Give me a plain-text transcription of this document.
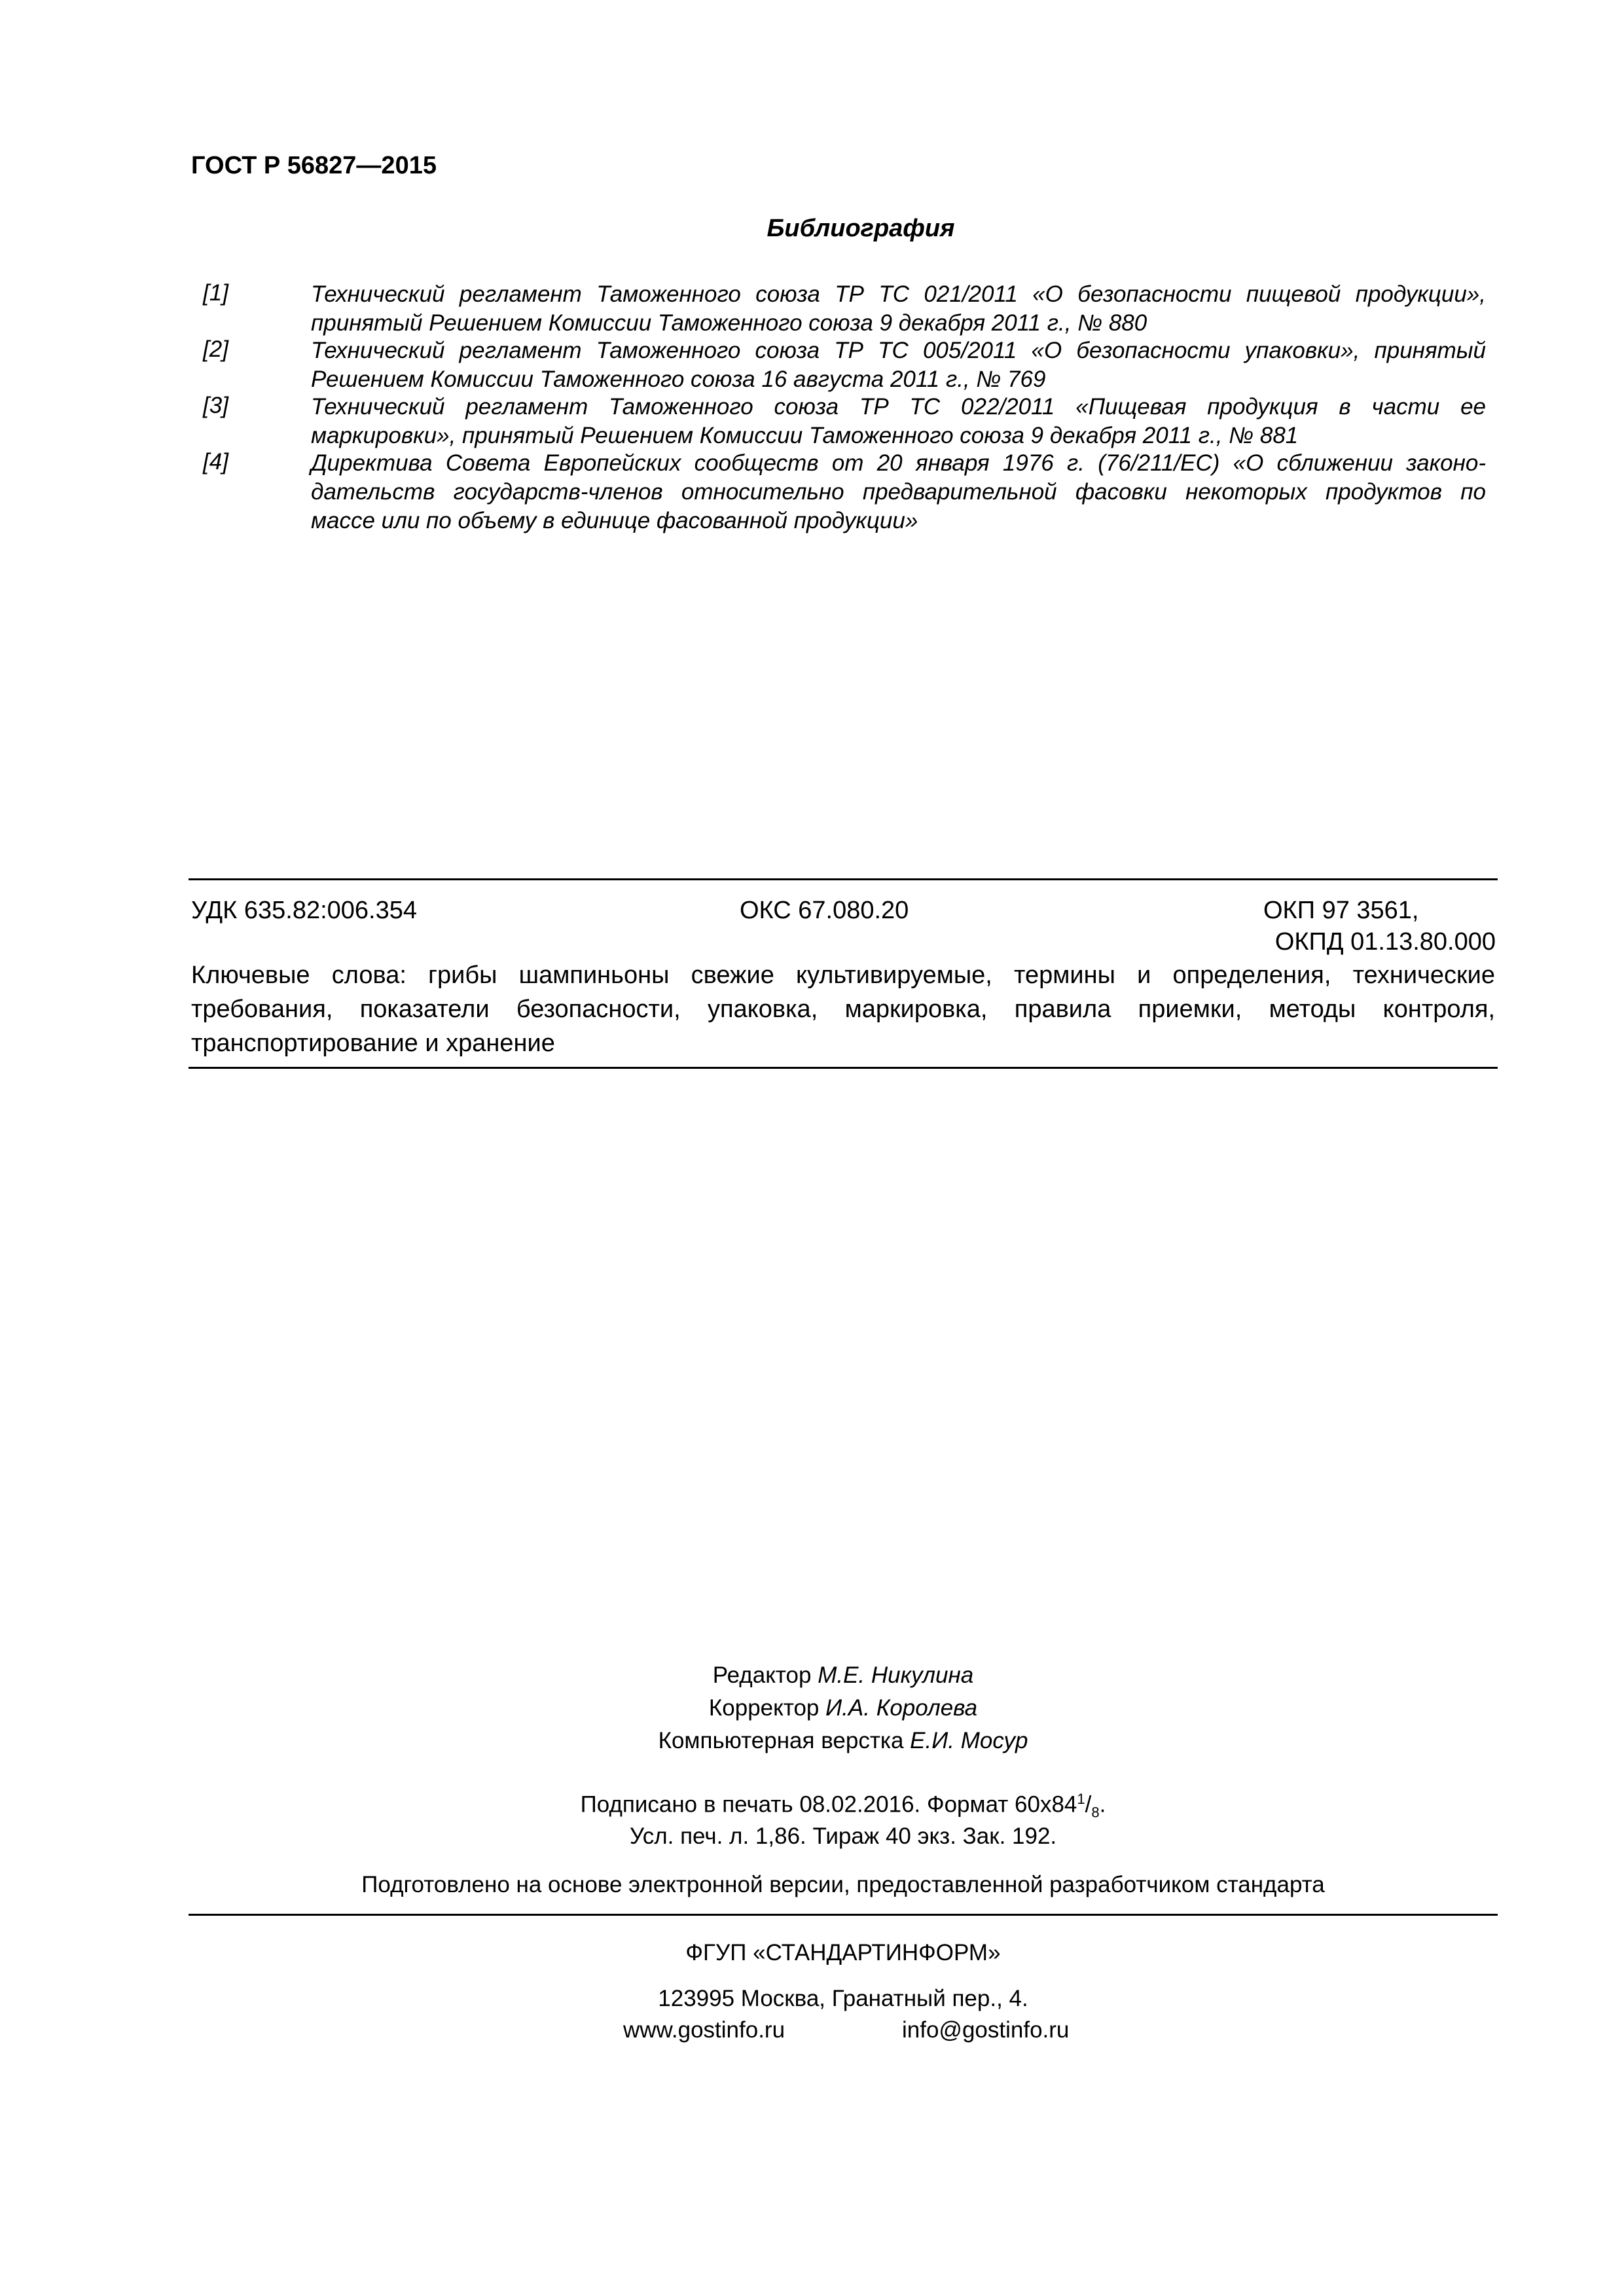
ГОСТ Р 56827—2015
Библиография
[1]	Технический регламент Таможенного союза ТР ТС 021/2011 «О безопасности пищевой продукции»,
принятый Решением Комиссии Таможенного союза 9 декабря 2011 г., № 880
[2]	Технический регламент Таможенного союза ТР ТС 005/2011 «О безопасности упаковки», принятый
Решением Комиссии Таможенного союза 16 августа 2011 г., № 769
[3]	Технический регламент Таможенного союза ТР ТС 022/2011 «Пищевая продукция в части ее
маркировки», принятый Решением Комиссии Таможенного союза 9 декабря 2011 г., № 881
[4]	Директива Совета Европейских сообществ от 20 января 1976 г. (76/211/ЕС) «О сближении законо-
дательств государств-членов относительно предварительной фасовки некоторых продуктов по
массе или по объему в единице фасованной продукции»
УДК 635.82:006.354	ОКС 67.080.20	ОКП 97 3561,
ОКПД 01.13.80.000
Ключевые слова: грибы шампиньоны свежие культивируемые, термины и определения, технические
требования, показатели безопасности, упаковка, маркировка, правила приемки, методы контроля,
транспортирование и хранение
Редактор М.Е. Никулина
Корректор И.А. Королева
Компьютерная верстка Е.И. Мосур
Подписано в печать 08.02.2016. Формат $60x84^1/_8$.
Усл. печ. л. 1,86. Тираж 40 экз. Зак. 192.
Подготовлено на основе электронной версии, предоставленной разработчиком стандарта
ФГУП «СТАНДАРТИНФОРМ»
123995 Москва, Гранатный пер., 4.
www.gostinfo.ru	info@gostinfo.ru
